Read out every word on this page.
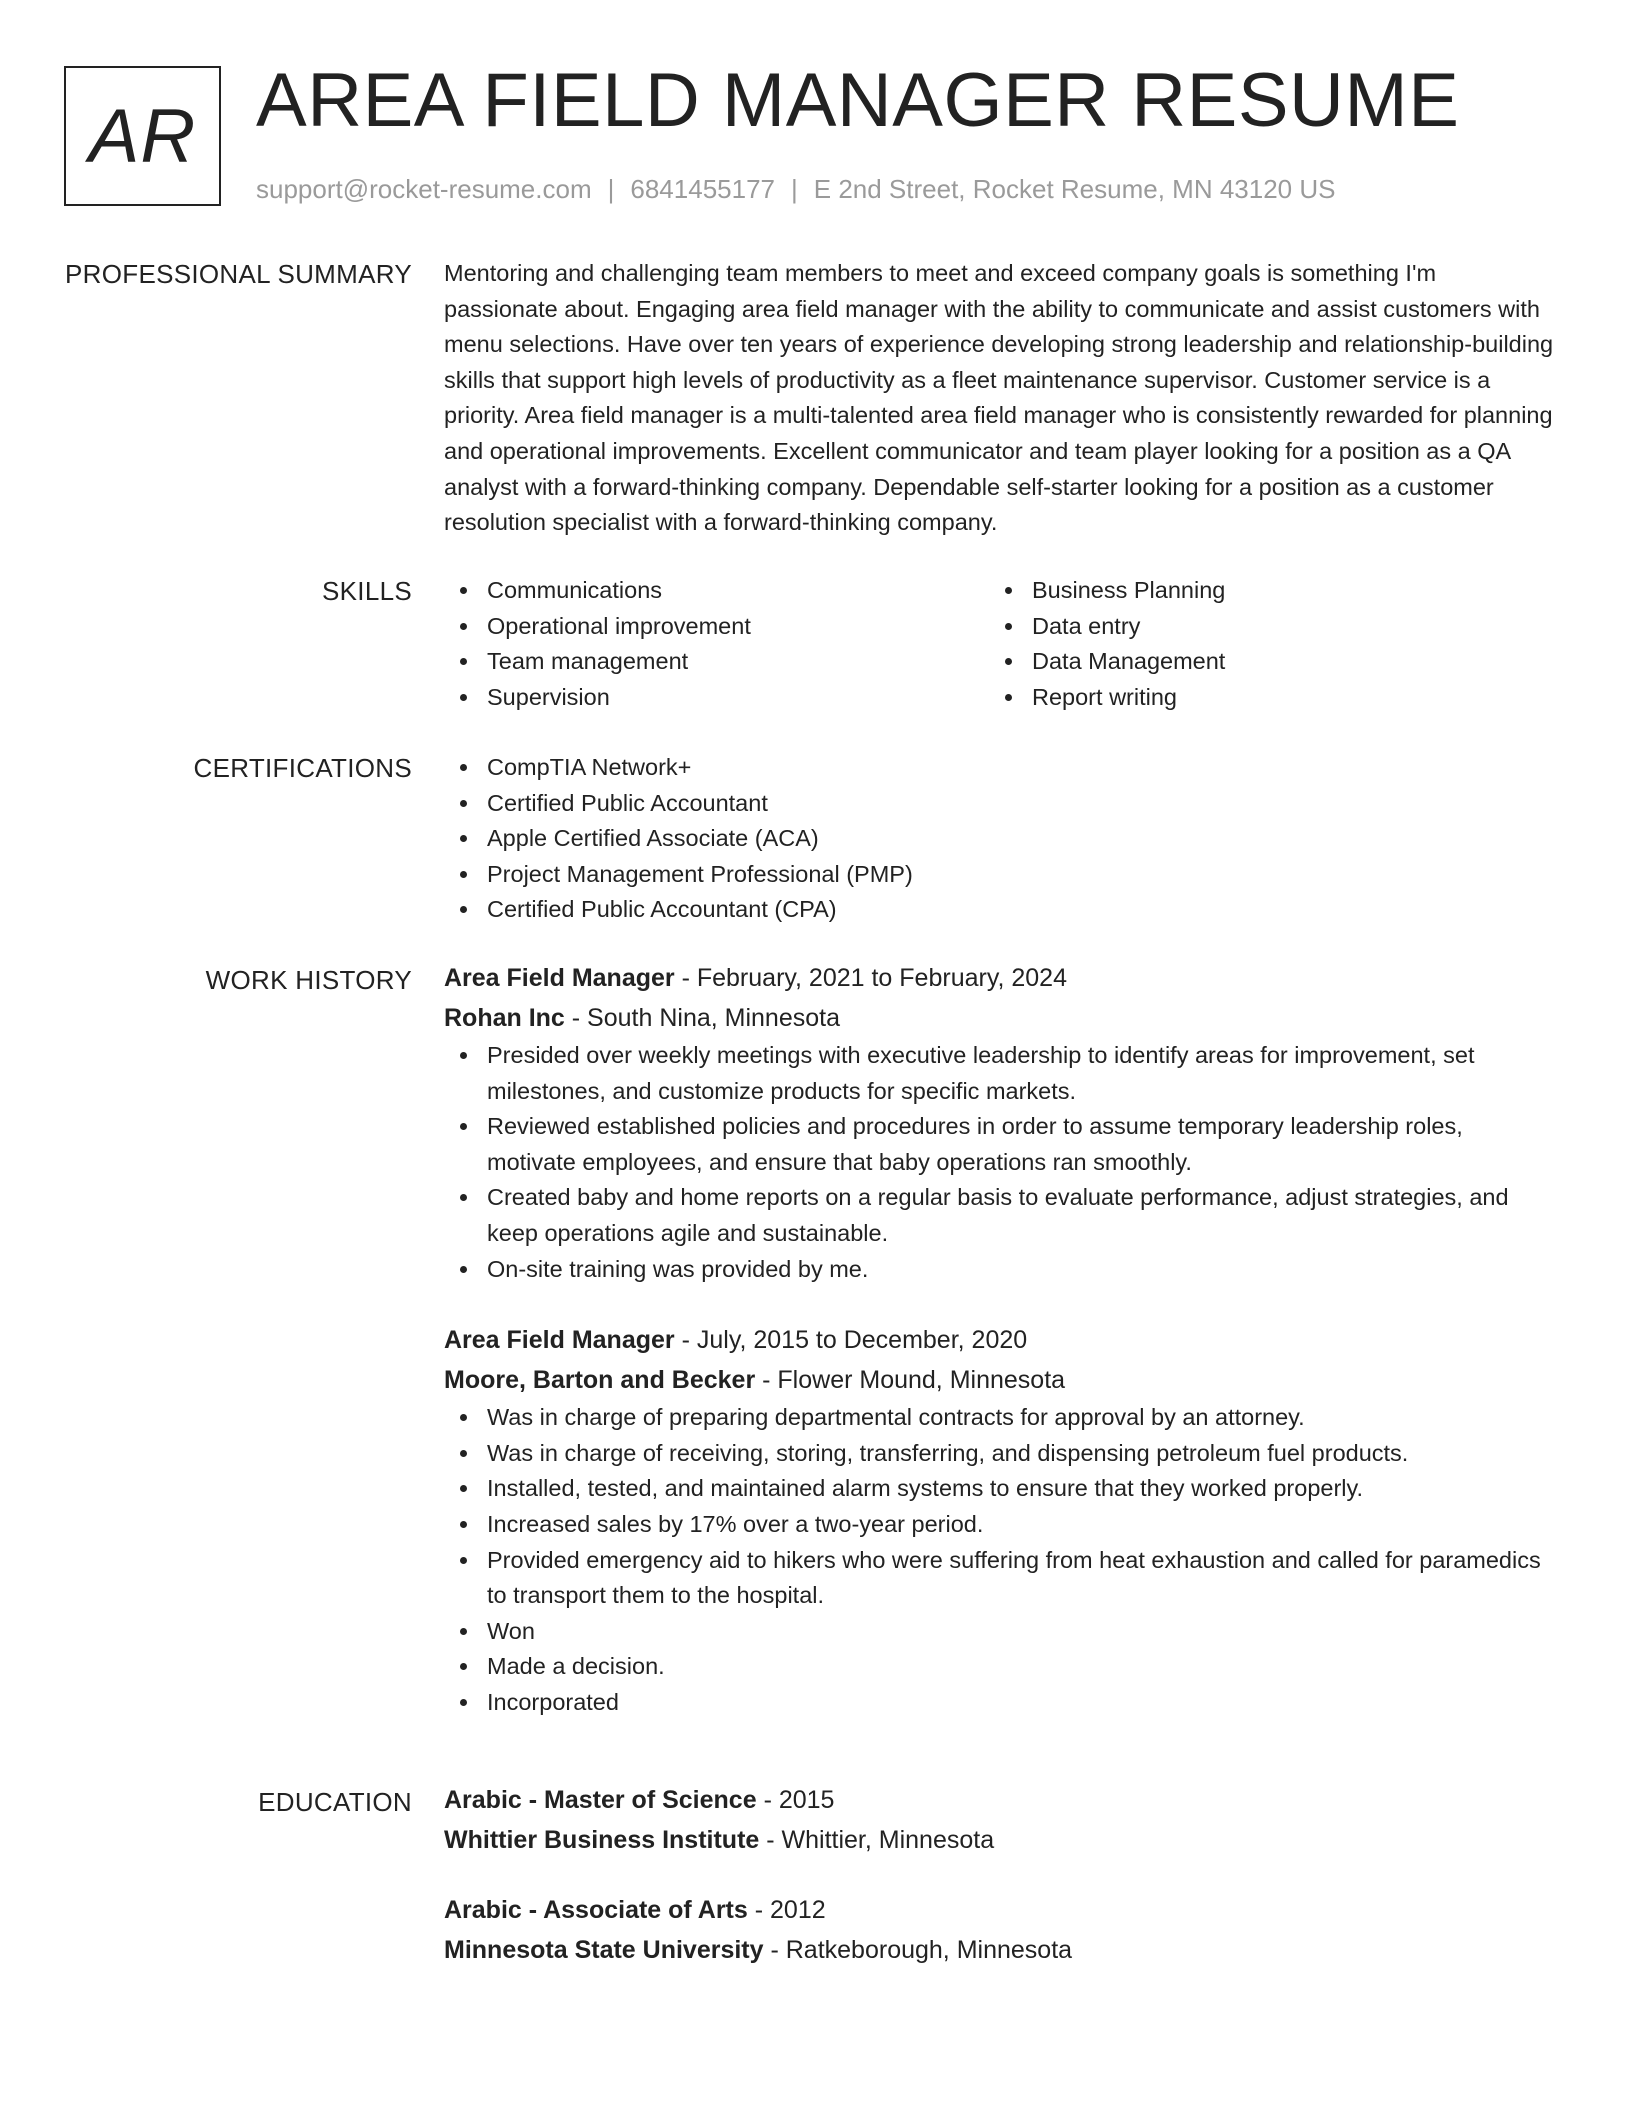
AR AREA FIELD MANAGER RESUME
support@rocket-resume.com | 6841455177 | E 2nd Street, Rocket Resume, MN 43120 US
PROFESSIONAL SUMMARY Mentoring and challenging team members to meet and exceed company goals is something I'm passionate about. Engaging area field manager with the ability to communicate and assist customers with menu selections. Have over ten years of experience developing strong leadership and relationship-building skills that support high levels of productivity as a fleet maintenance supervisor. Customer service is a priority. Area field manager is a multi-talented area field manager who is consistently rewarded for planning and operational improvements. Excellent communicator and team player looking for a position as a QA analyst with a forward-thinking company. Dependable self-starter looking for a position as a customer resolution specialist with a forward-thinking company.

SKILLS	Communications
Operational improvement
Team management
Supervision
Business Planning
Data entry
Data Management
Report writing
CERTIFICATIONS	CompTIA Network+
Certified Public Accountant
Apple Certified Associate (ACA)
Project Management Professional (PMP)
Certified Public Accountant (CPA)
WORK HISTORY Area Field Manager - February, 2021 to February, 2024
Rohan Inc - South Nina, Minnesota
Presided over weekly meetings with executive leadership to identify areas for improvement, set milestones, and customize products for specific markets.
Reviewed established policies and procedures in order to assume temporary leadership roles, motivate employees, and ensure that baby operations ran smoothly.
Created baby and home reports on a regular basis to evaluate performance, adjust strategies, and keep operations agile and sustainable.
On-site training was provided by me.
Area Field Manager - July, 2015 to December, 2020
Moore, Barton and Becker - Flower Mound, Minnesota
Was in charge of preparing departmental contracts for approval by an attorney.
Was in charge of receiving, storing, transferring, and dispensing petroleum fuel products.
Installed, tested, and maintained alarm systems to ensure that they worked properly.
Increased sales by 17% over a two-year period.
Provided emergency aid to hikers who were suffering from heat exhaustion and called for paramedics to transport them to the hospital.
Won
Made a decision.
Incorporated
EDUCATION Arabic - Master of Science - 2015
Whittier Business Institute - Whittier, Minnesota
Arabic - Associate of Arts - 2012
Minnesota State University - Ratkeborough, Minnesota
